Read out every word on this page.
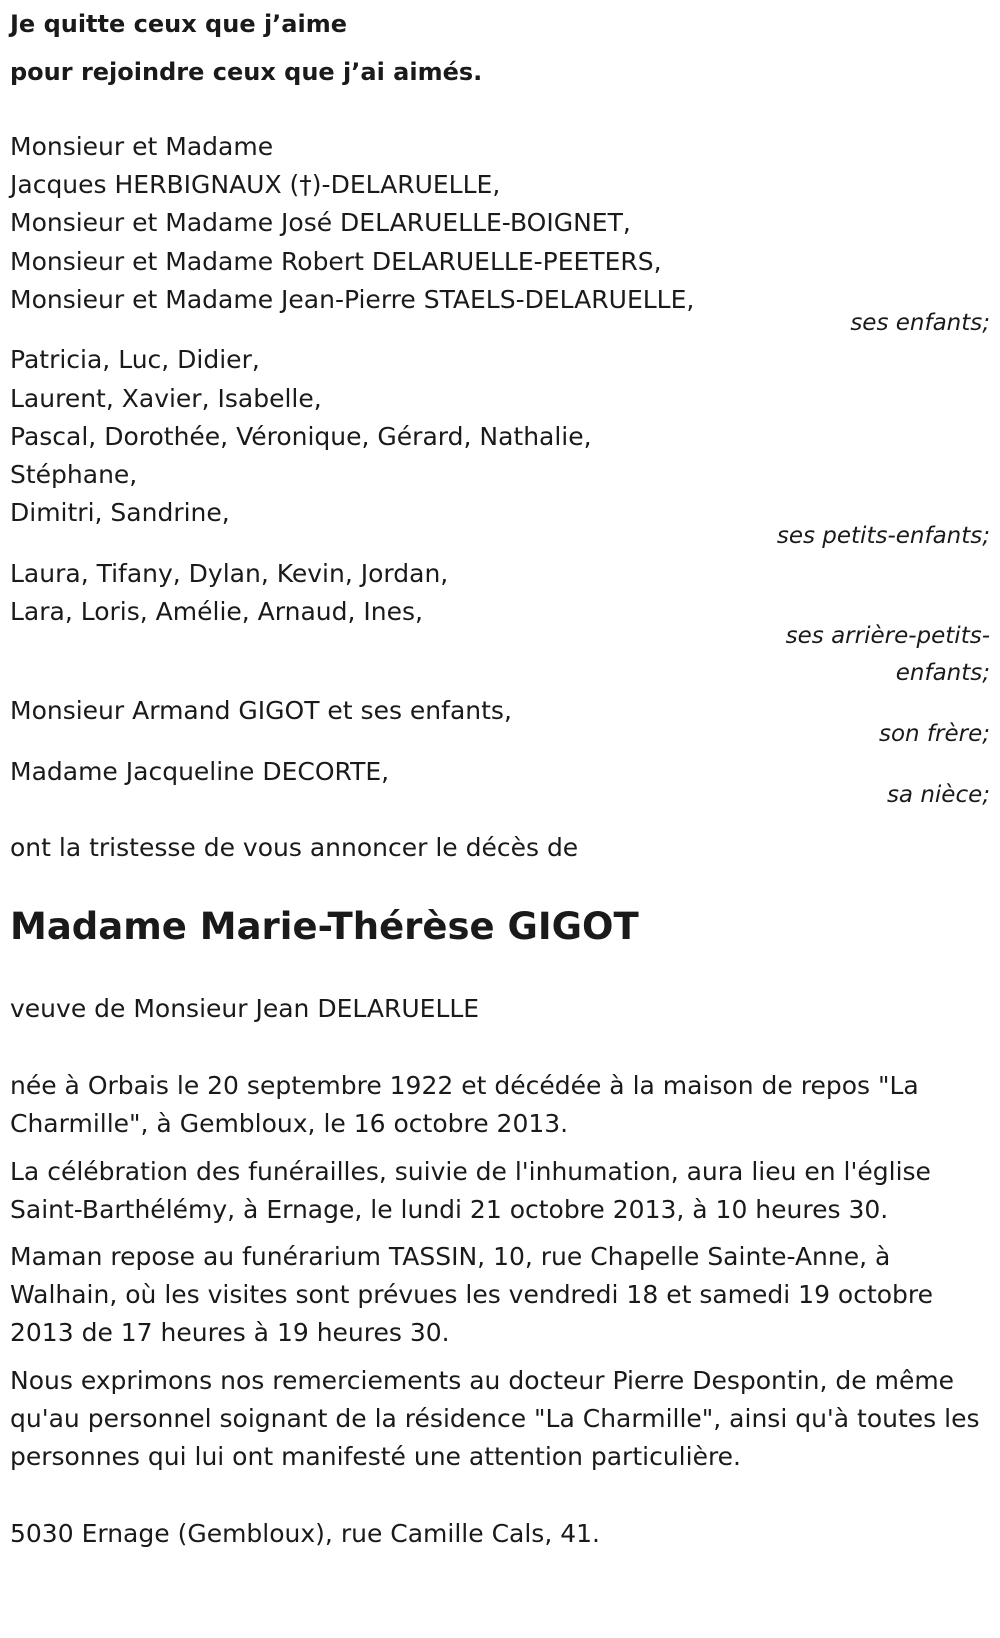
Je quitte ceux que j’aime

pour rejoindre ceux que j’ai aimés.

Monsieur et Madame

Jacques HERBIGNAUX (†)-DELARUELLE,

Monsieur et Madame José DELARUELLE-BOIGNET,

Monsieur et Madame Robert DELARUELLE-PEETERS,

Monsieur et Madame Jean-Pierre STAELS-DELARUELLE,

ses enfants;

Patricia, Luc, Didier,

Laurent, Xavier, Isabelle,

Pascal, Dorothée, Véronique, Gérard, Nathalie,

Stéphane,

Dimitri, Sandrine,

ses petits-enfants;

Laura, Tifany, Dylan, Kevin, Jordan,

Lara, Loris, Amélie, Arnaud, Ines,

ses arrière-petits-

enfants;

Monsieur Armand GIGOT et ses enfants,

son frère;

Madame Jacqueline DECORTE,

sa nièce;

ont la tristesse de vous annoncer le décès de

Madame Marie-Thérèse GIGOT

veuve de Monsieur Jean DELARUELLE

née à Orbais le 20 septembre 1922 et décédée à la maison de repos "La Charmille", à Gembloux, le 16 octobre 2013.

La célébration des funérailles, suivie de l'inhumation, aura lieu en l'église Saint-Barthélémy, à Ernage, le lundi 21 octobre 2013, à 10 heures 30.

Maman repose au funérarium TASSIN, 10, rue Chapelle Sainte-Anne, à Walhain, où les visites sont prévues les vendredi 18 et samedi 19 octobre 2013 de 17 heures à 19 heures 30.

Nous exprimons nos remerciements au docteur Pierre Despontin, de même qu'au personnel soignant de la résidence "La Charmille", ainsi qu'à toutes les personnes qui lui ont manifesté une attention particulière.

5030 Ernage (Gembloux), rue Camille Cals, 41.
